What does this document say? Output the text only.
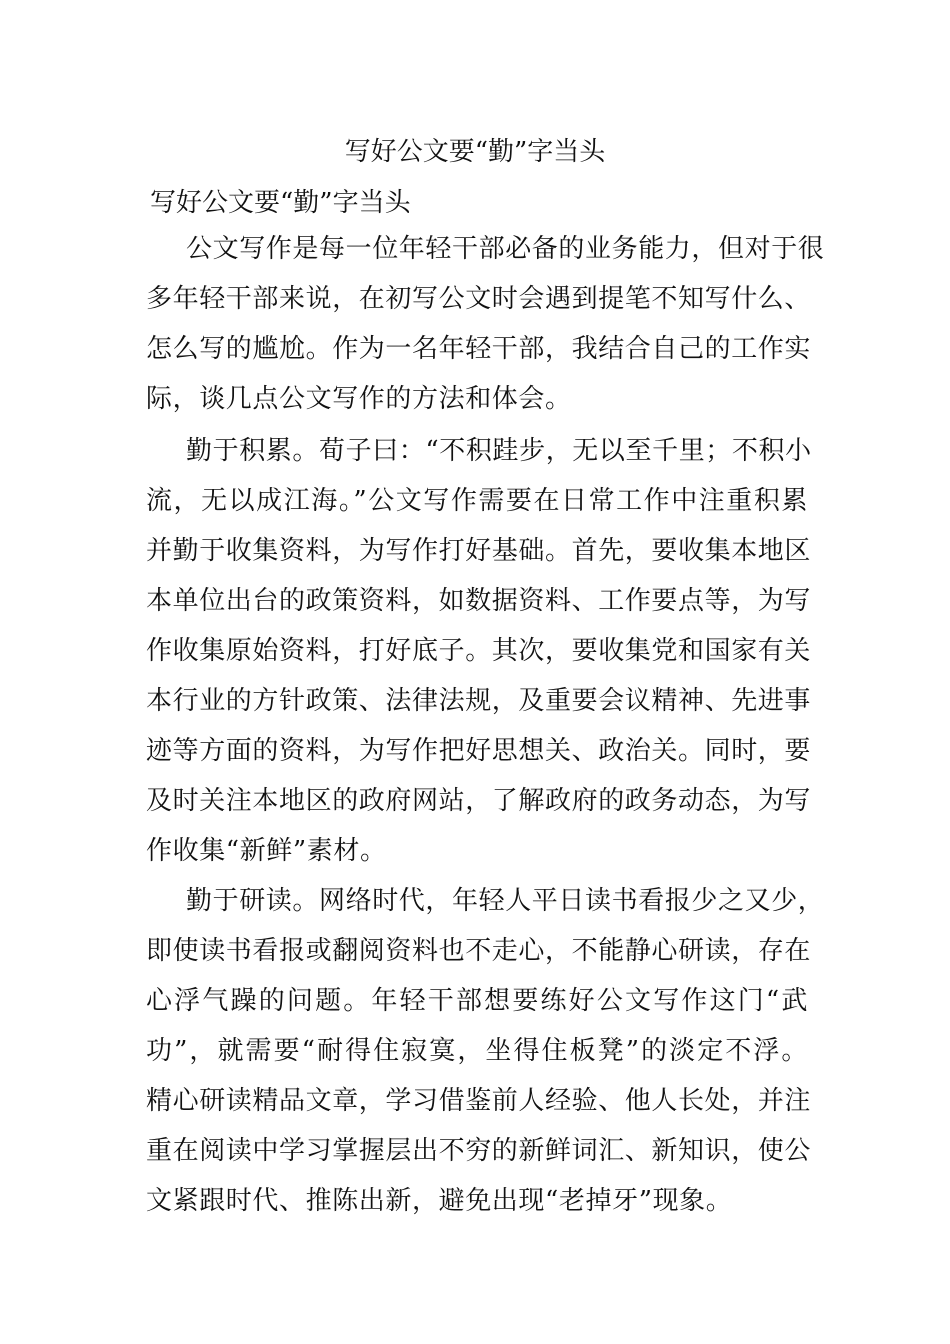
写好公文要“勤”字当头
写好公文要“勤”字当头
公文写作是每一位年轻干部必备的业务能力，但对于很
多年轻干部来说，在初写公文时会遇到提笔不知写什么、
怎么写的尴尬。作为一名年轻干部，我结合自己的工作实
际，谈几点公文写作的方法和体会。
勤于积累。荀子曰：“不积跬步，无以至千里；不积小
流，无以成江海。”公文写作需要在日常工作中注重积累
并勤于收集资料，为写作打好基础。首先，要收集本地区
本单位出台的政策资料，如数据资料、工作要点等，为写
作收集原始资料，打好底子。其次，要收集党和国家有关
本行业的方针政策、法律法规，及重要会议精神、先进事
迹等方面的资料，为写作把好思想关、政治关。同时，要
及时关注本地区的政府网站，了解政府的政务动态，为写
作收集“新鲜”素材。
勤于研读。网络时代，年轻人平日读书看报少之又少，
即使读书看报或翻阅资料也不走心，不能静心研读，存在
心浮气躁的问题。年轻干部想要练好公文写作这门“武
功”，就需要“耐得住寂寞，坐得住板凳”的淡定不浮。
精心研读精品文章，学习借鉴前人经验、他人长处，并注
重在阅读中学习掌握层出不穷的新鲜词汇、新知识，使公
文紧跟时代、推陈出新，避免出现“老掉牙”现象。
